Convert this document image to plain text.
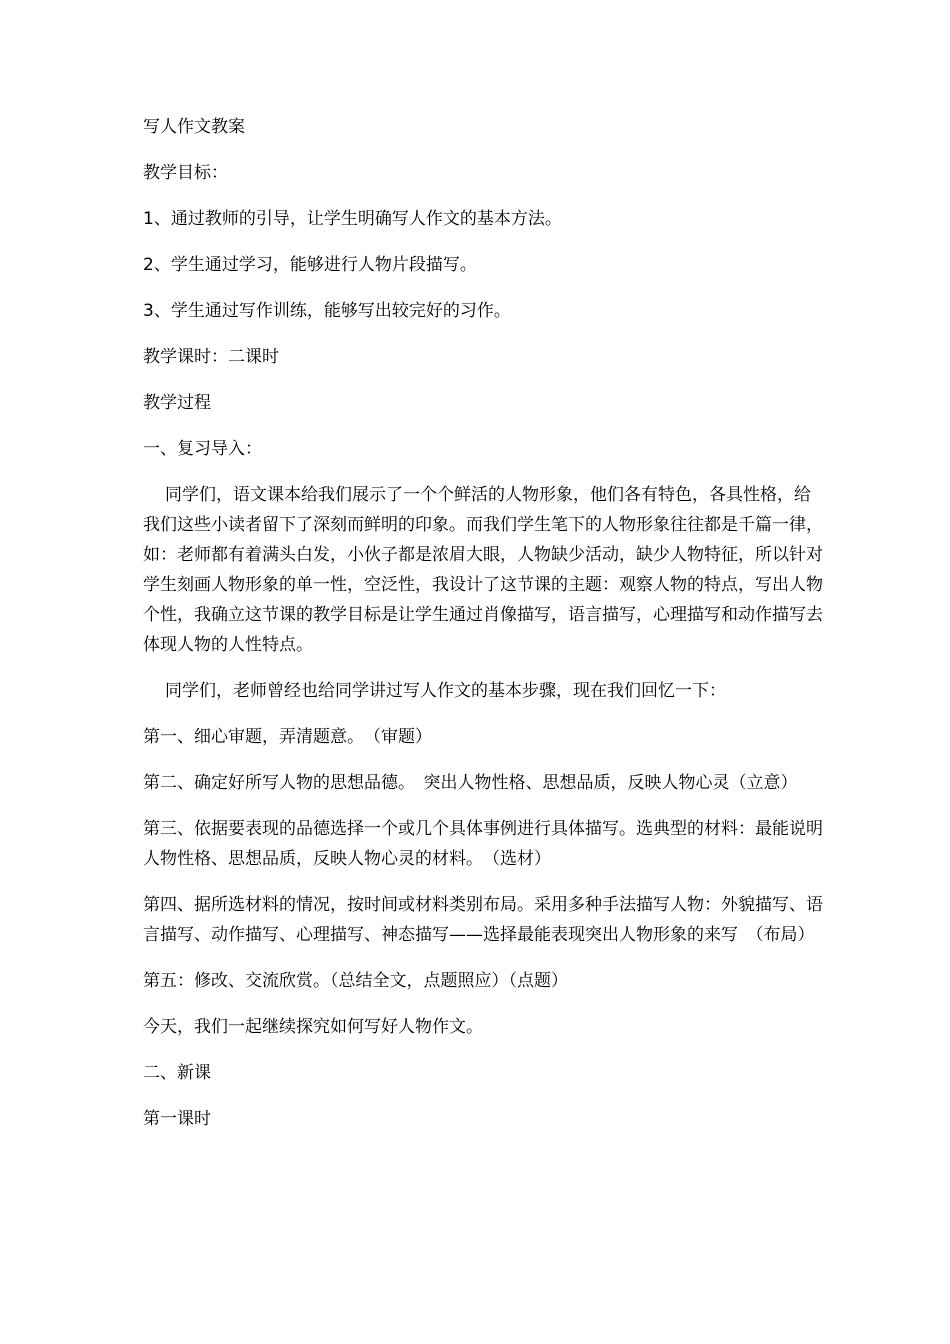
写人作文教案

教学目标：

1、通过教师的引导，让学生明确写人作文的基本方法。

2、学生通过学习，能够进行人物片段描写。

3、学生通过写作训练，能够写出较完好的习作。

教学课时：二课时

教学过程

一、复习导入：

同学们，语文课本给我们展示了一个个鲜活的人物形象，他们各有特色，各具性格，给我们这些小读者留下了深刻而鲜明的印象。而我们学生笔下的人物形象往往都是千篇一律，如：老师都有着满头白发，小伙子都是浓眉大眼，人物缺少活动，缺少人物特征，所以针对学生刻画人物形象的单一性，空泛性，我设计了这节课的主题：观察人物的特点，写出人物个性，我确立这节课的教学目标是让学生通过肖像描写，语言描写，心理描写和动作描写去体现人物的人性特点。

同学们，老师曾经也给同学讲过写人作文的基本步骤，现在我们回忆一下：

第一、细心审题，弄清题意。　（审题）

第二、确定好所写人物的思想品德。　突出人物性格、思想品质，反映人物心灵（立意）

第三、依据要表现的品德选择一个或几个具体事例进行具体描写。选典型的材料：最能说明人物性格、思想品质，反映人物心灵的材料。　（选材）

第四、据所选材料的情况，按时间或材料类别布局。采用多种手法描写人物：外貌描写、语言描写、动作描写、心理描写、神态描写——选择最能表现突出人物形象的来写　（布局）

第五：修改、交流欣赏。（总结全文，点题照应）（点题）

今天，我们一起继续探究如何写好人物作文。

二、新课

第一课时
